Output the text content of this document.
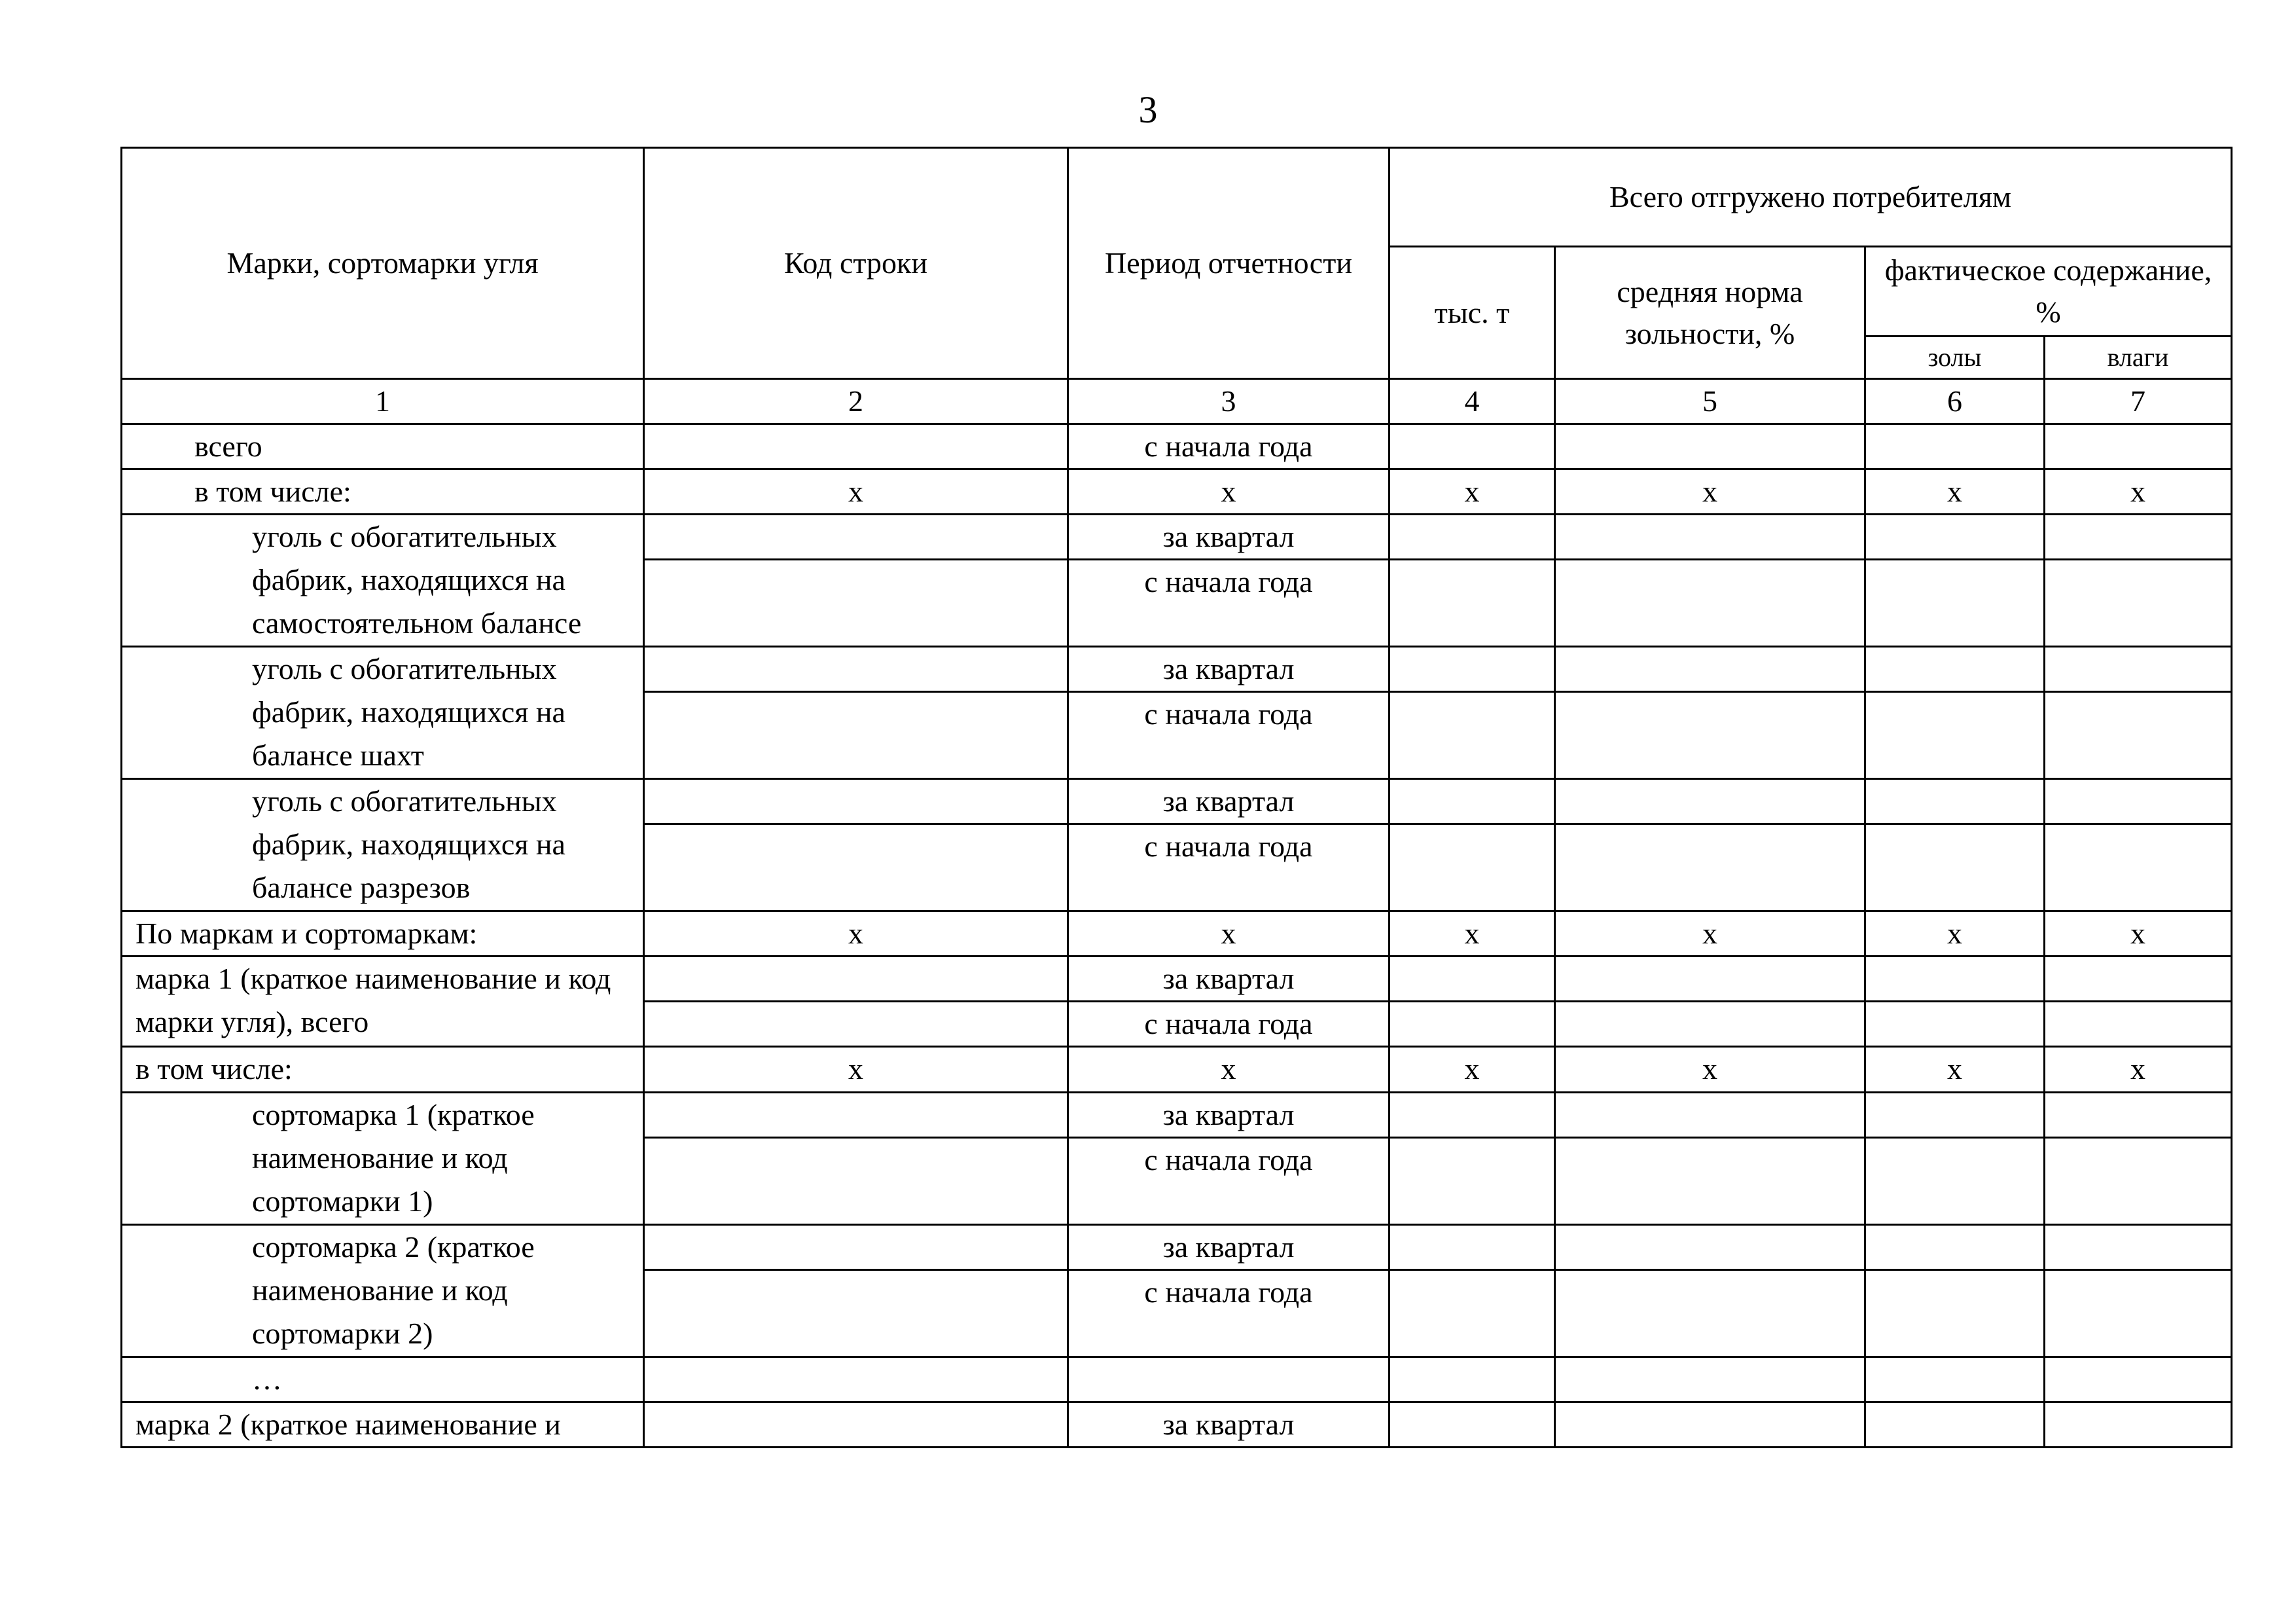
3
Марки, сортомарки угля	Код строки	Период отчетности	Всего отгружено потребителям			
			тыс. т	средняя норма зольности, %	фактическое содержание, %	
					золы	влаги
1	2	3	4	5	6	7
всего		с начала года				
в том числе:	х	х	х	х	х	х
уголь с обогатительных фабрик, находящихся на самостоятельном балансе		за квартал				
		с начала года				
уголь с обогатительных фабрик, находящихся на балансе шахт		за квартал				
		с начала года				
уголь с обогатительных фабрик, находящихся на балансе разрезов		за квартал				
		с начала года				
По маркам и сортомаркам:	х	х	х	х	х	х
марка 1 (краткое наименование и код марки угля), всего		за квартал				
		с начала года				
в том числе:	х	х	х	х	х	х
сортомарка 1 (краткое наименование и код сортомарки 1)		за квартал				
		с начала года				
сортомарка 2 (краткое наименование и код сортомарки 2)		за квартал				
		с начала года				
…						
марка 2 (краткое наименование и		за квартал				
